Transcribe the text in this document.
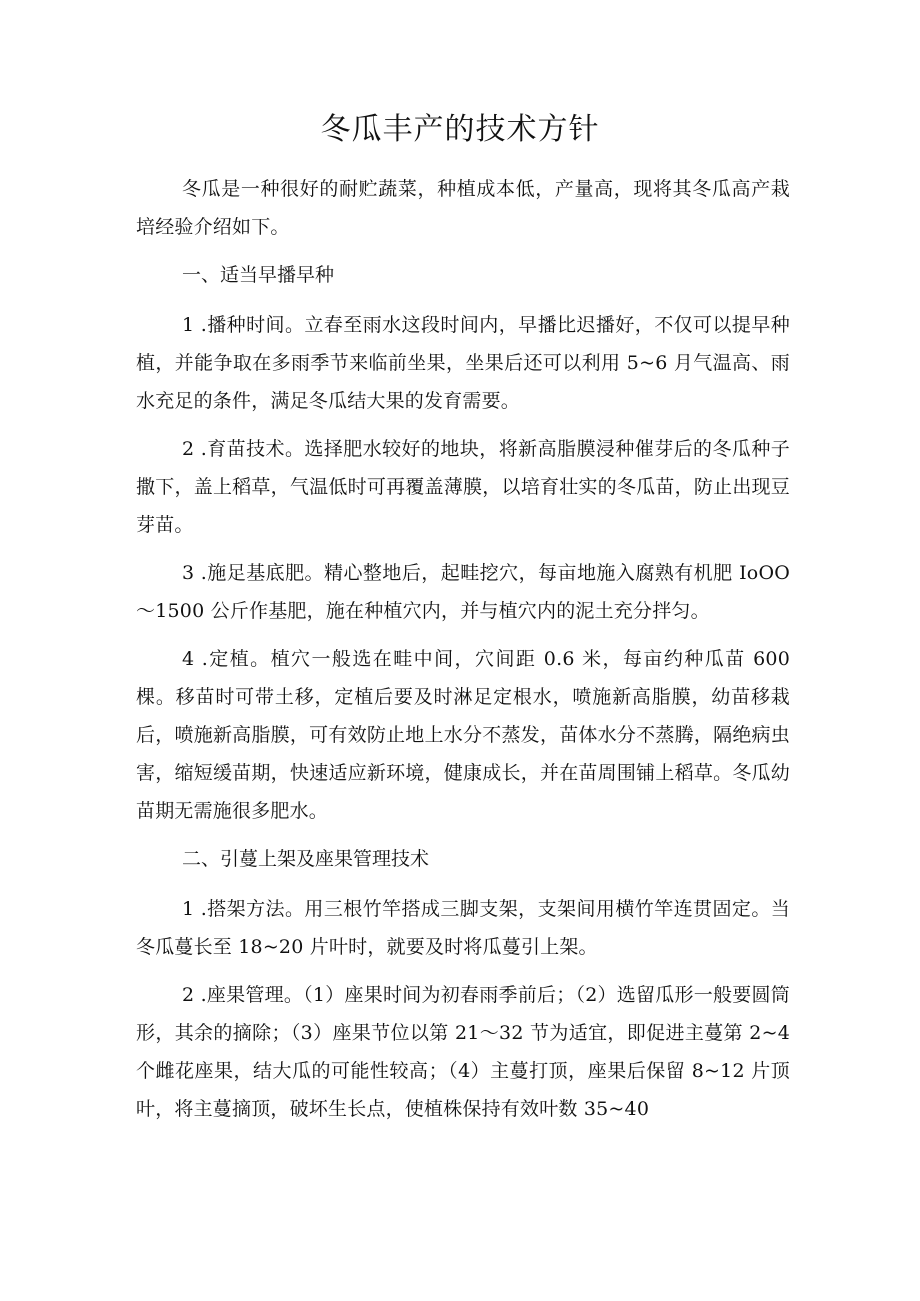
冬瓜丰产的技术方针

冬瓜是一种很好的耐贮蔬菜，种植成本低，产量高，现将其冬瓜高产栽培经验介绍如下。

一、适当早播早种

1 .播种时间。立春至雨水这段时间内，早播比迟播好，不仅可以提早种植，并能争取在多雨季节来临前坐果，坐果后还可以利用 5~6 月气温高、雨水充足的条件，满足冬瓜结大果的发育需要。

2 .育苗技术。选择肥水较好的地块，将新高脂膜浸种催芽后的冬瓜种子撒下，盖上稻草，气温低时可再覆盖薄膜，以培育壮实的冬瓜苗，防止出现豆芽苗。

3 .施足基底肥。精心整地后，起畦挖穴，每亩地施入腐熟有机肥 IoOO～1500 公斤作基肥，施在种植穴内，并与植穴内的泥土充分拌匀。

4 .定植。植穴一般选在畦中间，穴间距 0.6 米，每亩约种瓜苗 600 棵。移苗时可带土移，定植后要及时淋足定根水，喷施新高脂膜，幼苗移栽后，喷施新高脂膜，可有效防止地上水分不蒸发，苗体水分不蒸腾，隔绝病虫害，缩短缓苗期，快速适应新环境，健康成长，并在苗周围铺上稻草。冬瓜幼苗期无需施很多肥水。

二、引蔓上架及座果管理技术

1 .搭架方法。用三根竹竿搭成三脚支架，支架间用横竹竿连贯固定。当冬瓜蔓长至 18~20 片叶时，就要及时将瓜蔓引上架。

2 .座果管理。（1）座果时间为初春雨季前后；（2）选留瓜形一般要圆筒形，其余的摘除；（3）座果节位以第 21～32 节为适宜，即促进主蔓第 2~4 个雌花座果，结大瓜的可能性较高；（4）主蔓打顶，座果后保留 8~12 片顶叶，将主蔓摘顶，破坏生长点，使植株保持有效叶数 35~40
